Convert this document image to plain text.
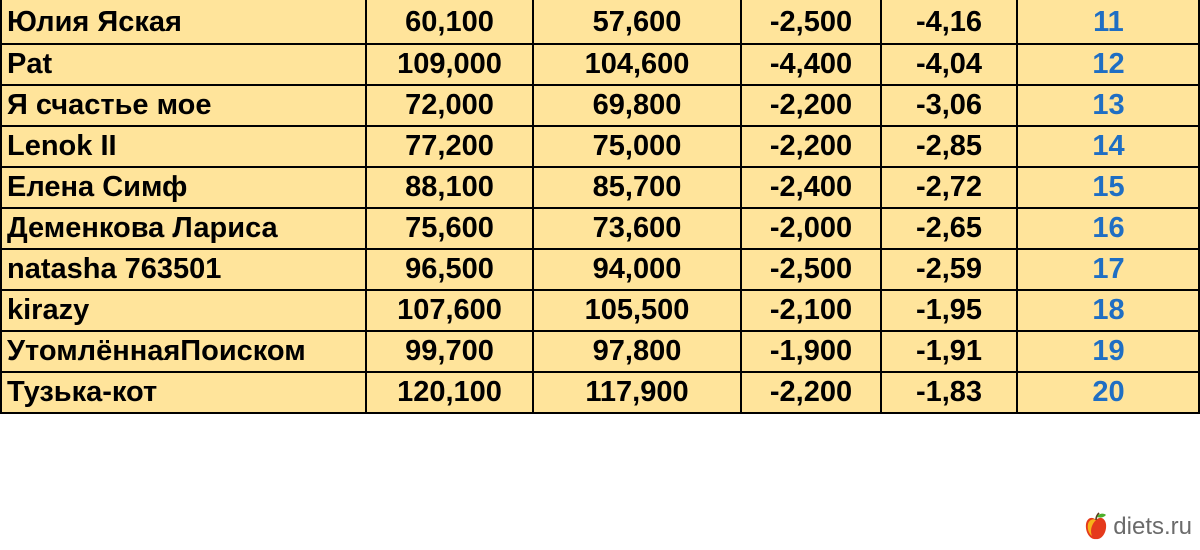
Юлия Яская	60,100	57,600	-2,500	-4,16	11
Pat	109,000	104,600	-4,400	-4,04	12
Я счастье мое	72,000	69,800	-2,200	-3,06	13
Lenok II	77,200	75,000	-2,200	-2,85	14
Елена Симф	88,100	85,700	-2,400	-2,72	15
Деменкова Лариса	75,600	73,600	-2,000	-2,65	16
natasha 763501	96,500	94,000	-2,500	-2,59	17
kirazy	107,600	105,500	-2,100	-1,95	18
УтомлённаяПоиском	99,700	97,800	-1,900	-1,91	19
Тузька-кот	120,100	117,900	-2,200	-1,83	20
diets.ru
